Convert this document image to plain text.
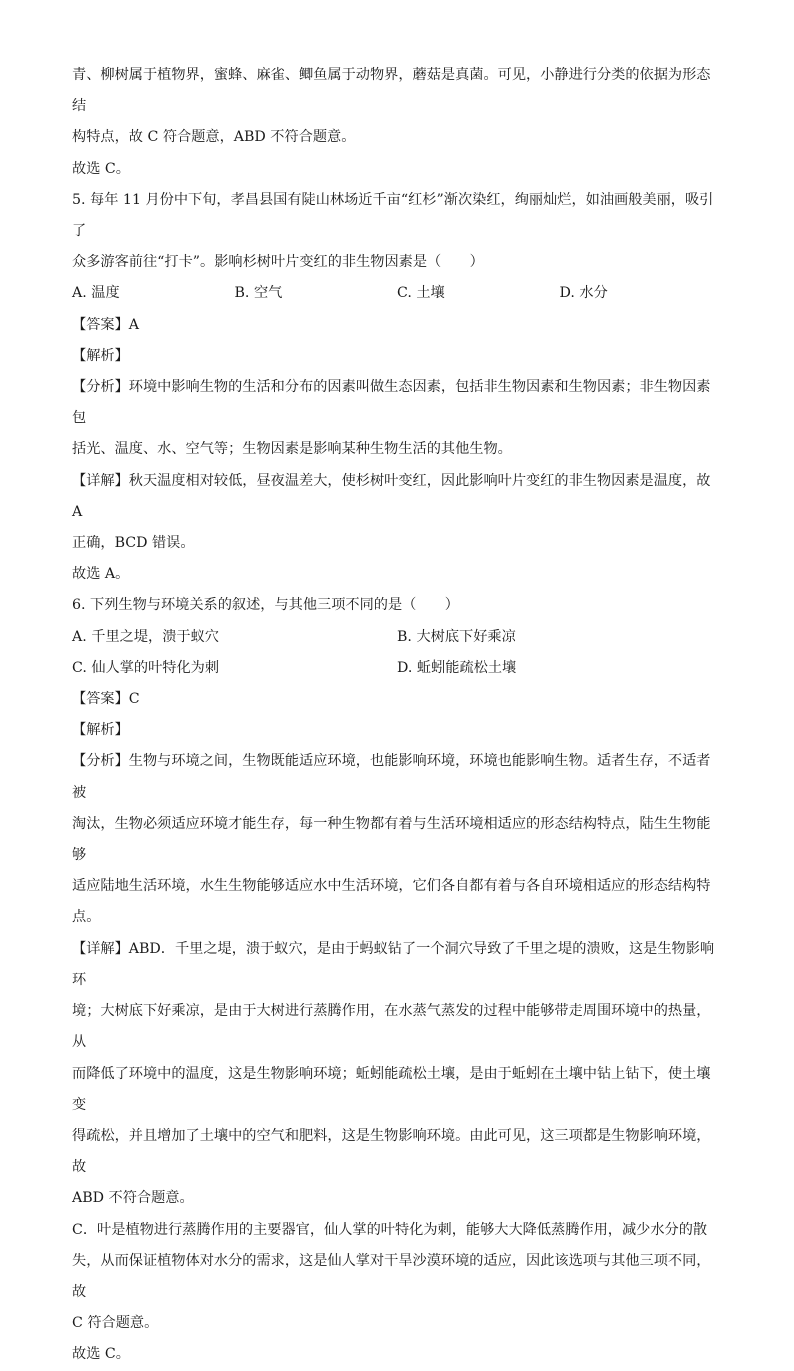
青、柳树属于植物界，蜜蜂、麻雀、鲫鱼属于动物界，蘑菇是真菌。可见，小静进行分类的依据为形态结

构特点，故 C 符合题意，ABD 不符合题意。

故选 C。

5. 每年 11 月份中下旬，孝昌县国有陡山林场近千亩“红杉”渐次染红，绚丽灿烂，如油画般美丽，吸引了

众多游客前往“打卡”。影响杉树叶片变红的非生物因素是（　　）

A. 温度	B. 空气	C. 土壤	D. 水分

【答案】A

【解析】

【分析】环境中影响生物的生活和分布的因素叫做生态因素，包括非生物因素和生物因素；非生物因素包

括光、温度、水、空气等；生物因素是影响某种生物生活的其他生物。

【详解】秋天温度相对较低，昼夜温差大，使杉树叶变红，因此影响叶片变红的非生物因素是温度，故 A

正确，BCD 错误。

故选 A。

6. 下列生物与环境关系的叙述，与其他三项不同的是（　　）

A. 千里之堤，溃于蚁穴	B. 大树底下好乘凉
C. 仙人掌的叶特化为刺	D. 蚯蚓能疏松土壤

【答案】C

【解析】

【分析】生物与环境之间，生物既能适应环境，也能影响环境，环境也能影响生物。适者生存，不适者被

淘汰，生物必须适应环境才能生存，每一种生物都有着与生活环境相适应的形态结构特点，陆生生物能够

适应陆地生活环境，水生生物能够适应水中生活环境，它们各自都有着与各自环境相适应的形态结构特

点。

【详解】ABD．千里之堤，溃于蚁穴，是由于蚂蚁钻了一个洞穴导致了千里之堤的溃败，这是生物影响环

境；大树底下好乘凉，是由于大树进行蒸腾作用，在水蒸气蒸发的过程中能够带走周围环境中的热量，从

而降低了环境中的温度，这是生物影响环境；蚯蚓能疏松土壤，是由于蚯蚓在土壤中钻上钻下，使土壤变

得疏松，并且增加了土壤中的空气和肥料，这是生物影响环境。由此可见，这三项都是生物影响环境，故

ABD 不符合题意。

C．叶是植物进行蒸腾作用的主要器官，仙人掌的叶特化为刺，能够大大降低蒸腾作用，减少水分的散

失，从而保证植物体对水分的需求，这是仙人掌对干旱沙漠环境的适应，因此该选项与其他三项不同，故

C 符合题意。

故选 C。
